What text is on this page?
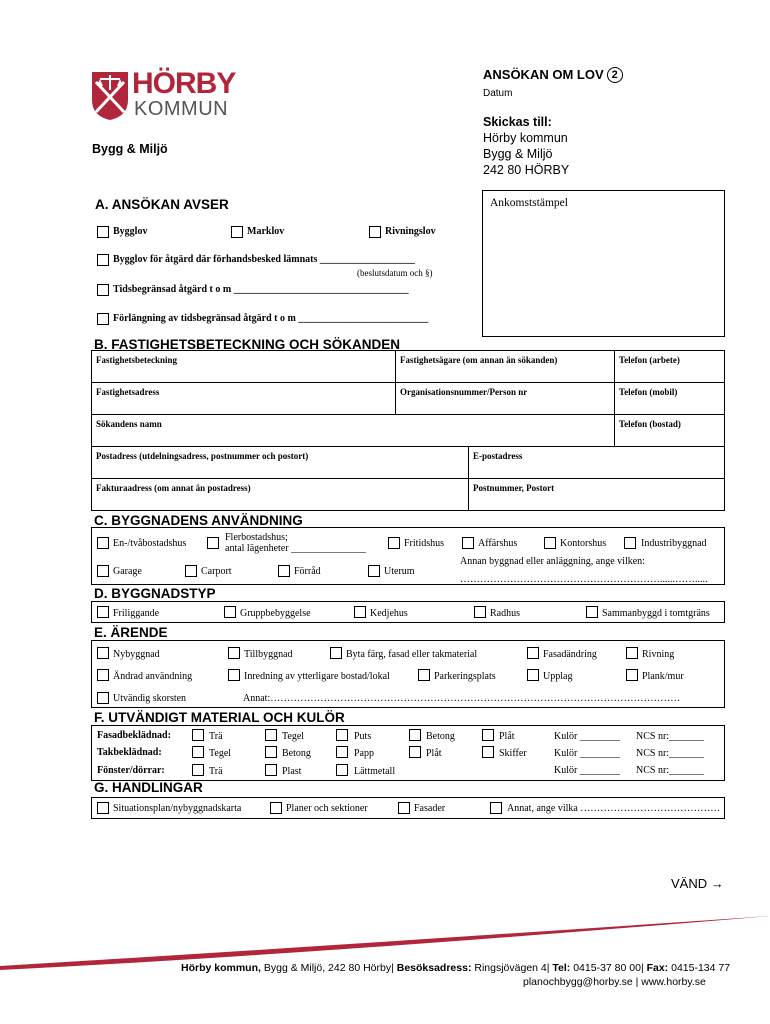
HÖRBY
KOMMUN
ANSÖKAN OM LOV 2
Datum
Skickas till:
Hörby kommun
Bygg & Miljö
242 80 HÖRBY
Bygg & Miljö
Ankomststämpel
A. ANSÖKAN AVSER
Bygglov	Marklov	Rivningslov
Bygglov för åtgärd där förhandsbesked lämnats ___________________
(beslutsdatum och §)
Tidsbegränsad åtgärd t o m ___________________________________
Förlängning av tidsbegränsad åtgärd t o m __________________________
B. FASTIGHETSBETECKNING OCH SÖKANDEN
Fastighetsbeteckning	Fastighetsägare (om annan än sökanden)	Telefon (arbete)
Fastighetsadress	Organisationsnummer/Person nr	Telefon (mobil)
Sökandens namn		Telefon (bostad)
Postadress (utdelningsadress, postnummer och postort)	E-postadress
Fakturaadress (om annat än postadress)	Postnummer, Postort
C. BYGGNADENS ANVÄNDNING
En-/tvåbostadshus
Flerbostadshus;
antal lägenheter _______________	Fritidshus	Affärshus	Kontorshus	Industribyggnad
Annan byggnad eller anläggning, ange vilken:
Garage	Carport	Förråd	Uterum
……………………………………………………......…….....
D. BYGGNADSTYP
Friliggande	Gruppbebyggelse	Kedjehus	Radhus	Sammanbyggd i tomtgräns
E. ÄRENDE
Nybyggnad	Tillbyggnad	Byta färg, fasad eller takmaterial	Fasadändring	Rivning
Ändrad användning	Inredning av ytterligare bostad/lokal	Parkeringsplats	Upplag	Plank/mur
Utvändig skorsten	Annat:……………………………………………………………………………………………………………
F. UTVÄNDIGT MATERIAL OCH KULÖR
Fasadbeklädnad:	Trä	Tegel	Puts	Betong	Plåt	Kulör ________ NCS nr:_______
Takbeklädnad:	Tegel	Betong	Papp	Plåt	Skiffer	Kulör ________ NCS nr:_______
Fönster/dörrar:	Trä	Plast	Lättmetall	Kulör ________ NCS nr:_______
G. HANDLINGAR
Situationsplan/nybyggnadskarta	Planer och sektioner	Fasader	Annat, ange vilka ……………………………………
VÄND →
Hörby kommun, Bygg & Miljö, 242 80 Hörby| Besöksadress: Ringsjövägen 4| Tel: 0415-37 80 00| Fax: 0415-134 77
planochbygg@horby.se | www.horby.se
